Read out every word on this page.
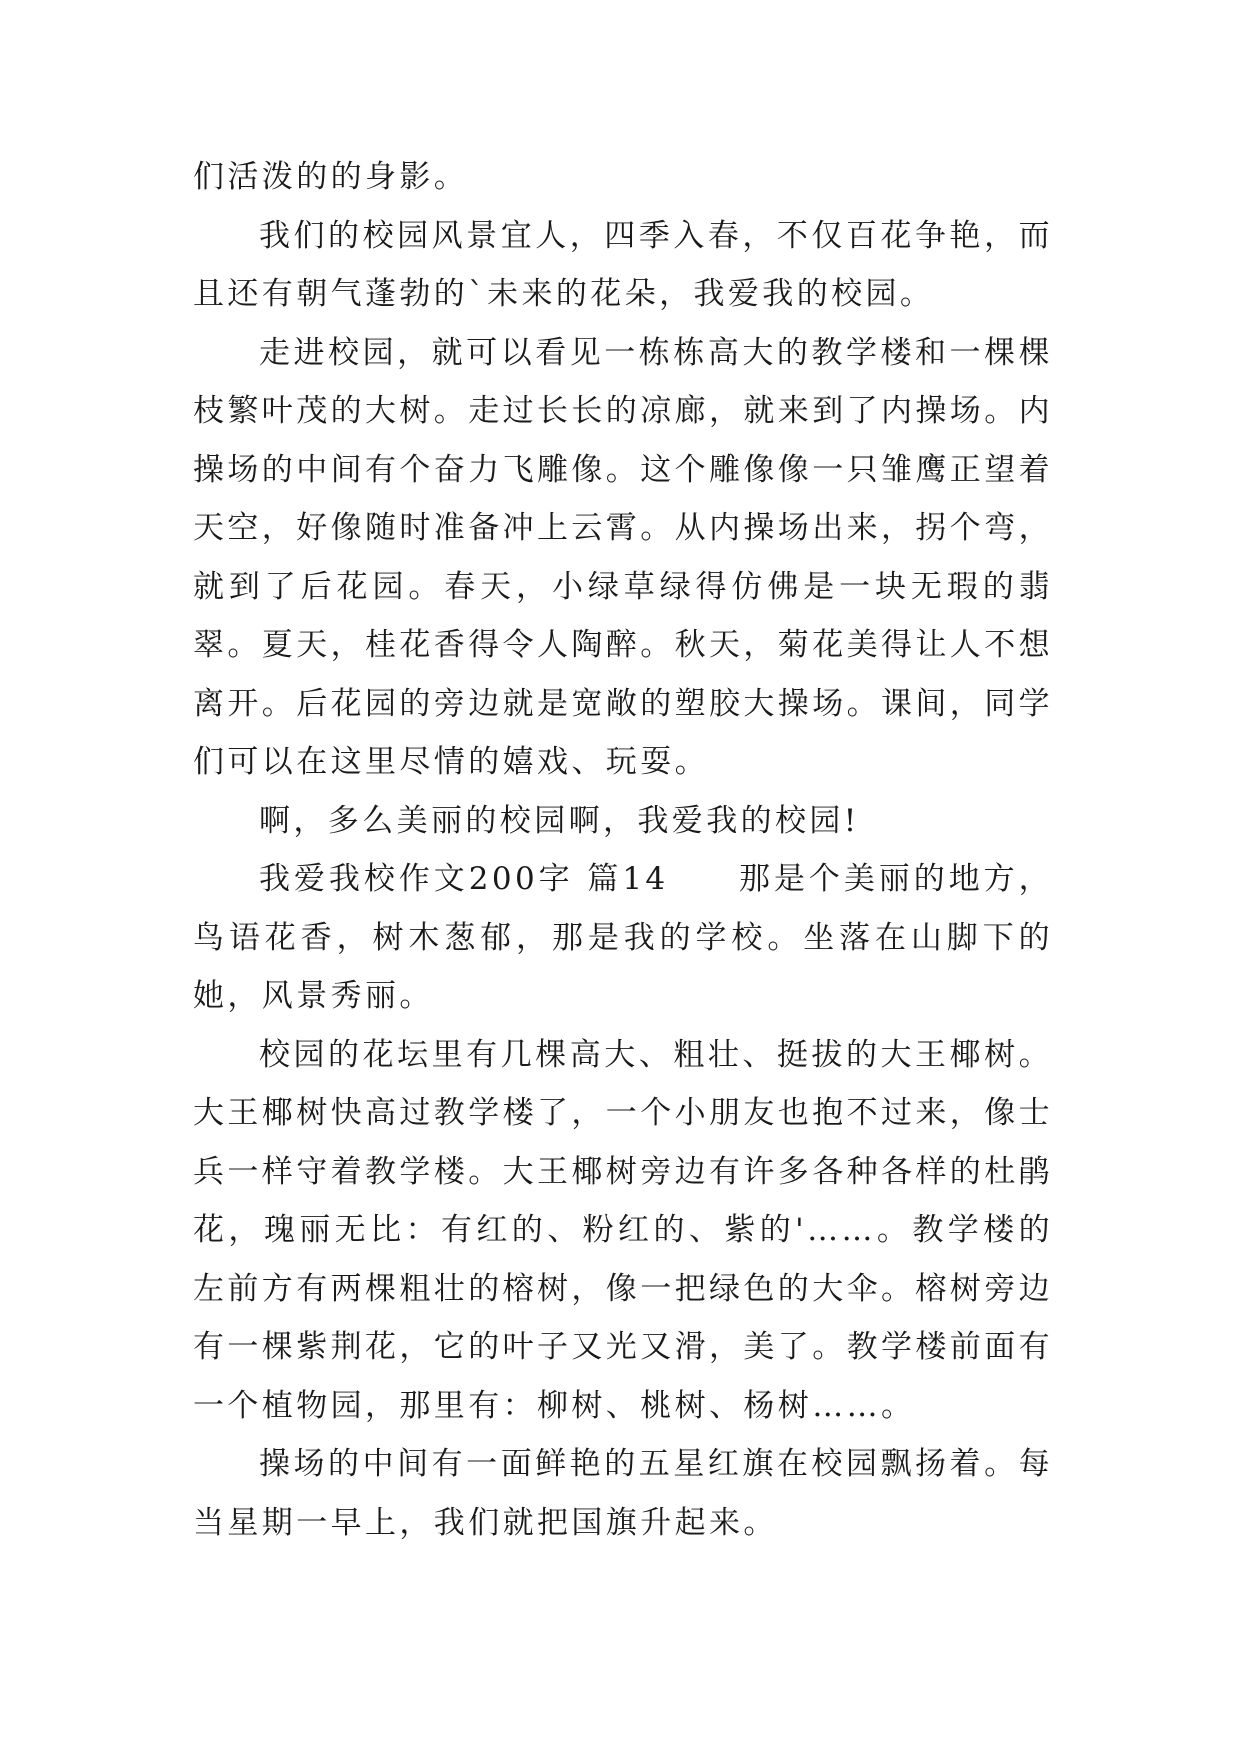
们活泼的的身影。

我们的校园风景宜人，四季入春，不仅百花争艳，而且还有朝气蓬勃的`未来的花朵，我爱我的校园。

走进校园，就可以看见一栋栋高大的教学楼和一棵棵枝繁叶茂的大树。走过长长的凉廊，就来到了内操场。内操场的中间有个奋力飞雕像。这个雕像像一只雏鹰正望着天空，好像随时准备冲上云霄。从内操场出来，拐个弯，就到了后花园。春天，小绿草绿得仿佛是一块无瑕的翡翠。夏天，桂花香得令人陶醉。秋天，菊花美得让人不想离开。后花园的旁边就是宽敞的塑胶大操场。课间，同学们可以在这里尽情的嬉戏、玩耍。

啊，多么美丽的校园啊，我爱我的校园!

我爱我校作文200字 篇14　　那是个美丽的地方，鸟语花香，树木葱郁，那是我的学校。坐落在山脚下的她，风景秀丽。

校园的花坛里有几棵高大、粗壮、挺拔的大王椰树。大王椰树快高过教学楼了，一个小朋友也抱不过来，像士兵一样守着教学楼。大王椰树旁边有许多各种各样的杜鹃花，瑰丽无比：有红的、粉红的、紫的'……。教学楼的左前方有两棵粗壮的榕树，像一把绿色的大伞。榕树旁边有一棵紫荆花，它的叶子又光又滑，美了。教学楼前面有一个植物园，那里有：柳树、桃树、杨树……。

操场的中间有一面鲜艳的五星红旗在校园飘扬着。每当星期一早上，我们就把国旗升起来。
